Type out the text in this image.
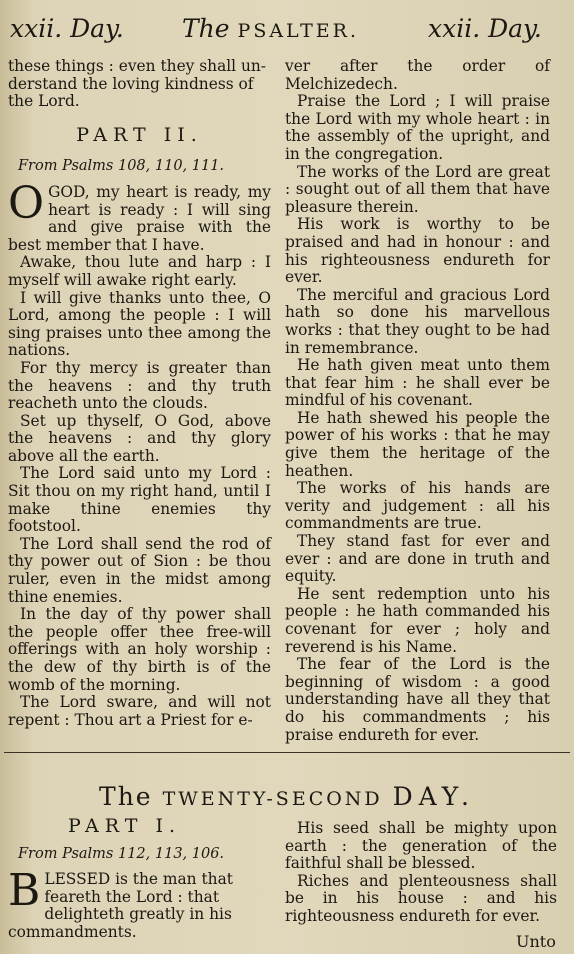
xxii. Day. The PSALTER.	xxii. Day.

these things : even they shall un-

derstand the loving kindness of

the Lord.

PART II.
From Psalms 108, 110, 111.

OGOD, my heart is ready, my heart is ready : I will sing and give praise with the best member that I have.

Awake, thou lute and harp : I myself will awake right early.

I will give thanks unto thee, O Lord, among the people : I will sing praises unto thee among the nations.

For thy mercy is greater than the heavens : and thy truth reacheth unto the clouds.

Set up thyself, O God, above the heavens : and thy glory above all the earth.

The Lord said unto my Lord : Sit thou on my right hand, until I make thine enemies thy footstool.

The Lord shall send the rod of thy power out of Sion : be thou ruler, even in the midst among thine enemies.

In the day of thy power shall the people offer thee free-will offerings with an holy worship : the dew of thy birth is of the womb of the morning.

The Lord sware, and will not repent : Thou art a Priest for e-

ver after the order of Melchizedech.

Praise the Lord ; I will praise the Lord with my whole heart : in the assembly of the upright, and in the congregation.

The works of the Lord are great : sought out of all them that have pleasure therein.

His work is worthy to be praised and had in honour : and his righteousness endureth for ever.

The merciful and gracious Lord hath so done his marvellous works : that they ought to be had in remembrance.

He hath given meat unto them that fear him : he shall ever be mindful of his covenant.

He hath shewed his people the power of his works : that he may give them the heritage of the heathen.

The works of his hands are verity and judgement : all his commandments are true.

They stand fast for ever and ever : and are done in truth and equity.

He sent redemption unto his people : he hath commanded his covenant for ever ; holy and reverend is his Name.

The fear of the Lord is the beginning of wisdom : a good understanding have all they that do his commandments ; his praise endureth for ever.

The TWENTY-SECOND DAY.
PART I.
From Psalms 112, 113, 106.

BLESSED is the man that feareth the Lord : that delighteth greatly in his commandments.

His seed shall be mighty upon earth : the generation of the faithful shall be blessed.

Riches and plenteousness shall be in his house : and his righteousness endureth for ever.

Unto
